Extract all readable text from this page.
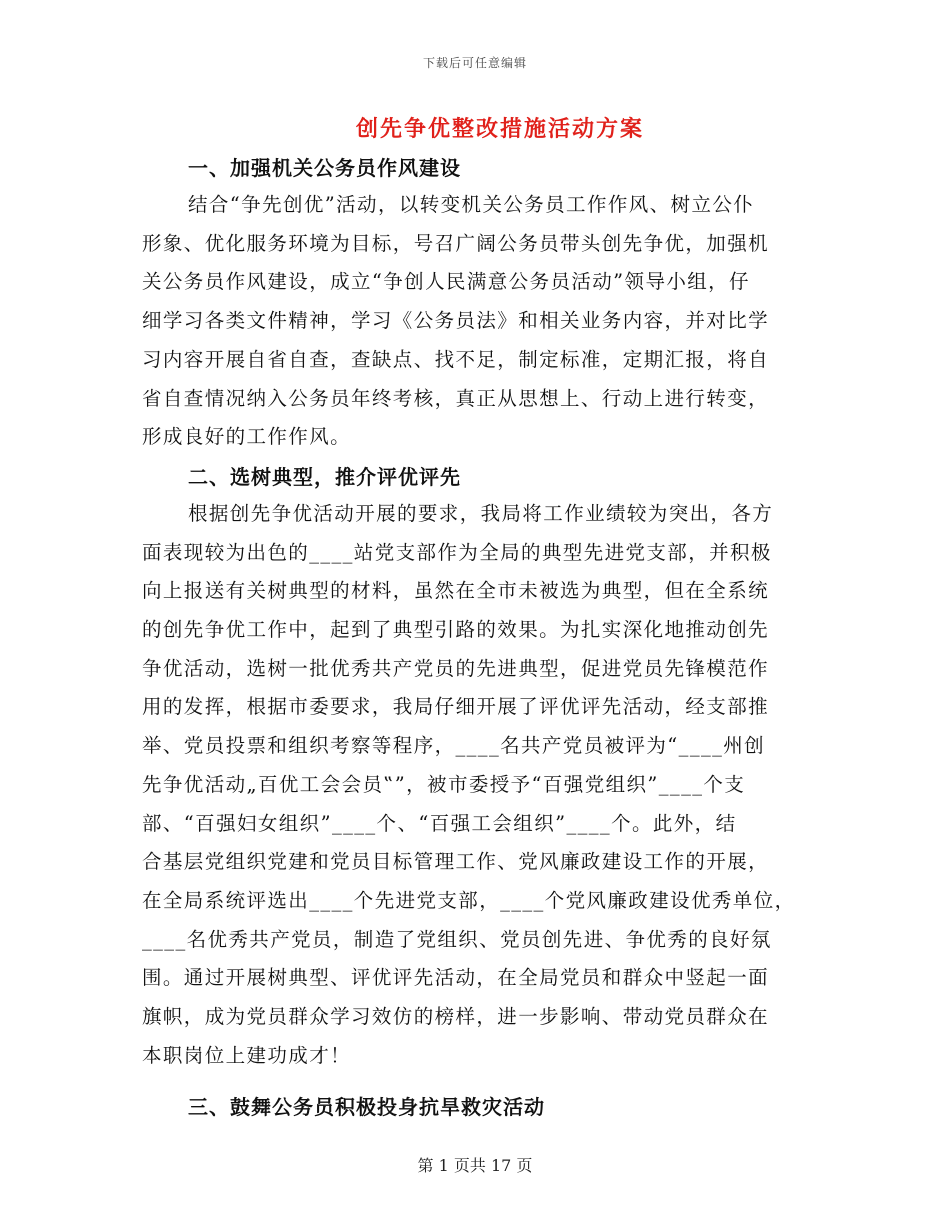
下载后可任意编辑
创先争优整改措施活动方案
一、加强机关公务员作风建设
结合“争先创优”活动，以转变机关公务员工作作风、树立公仆
形象、优化服务环境为目标，号召广阔公务员带头创先争优，加强机
关公务员作风建设，成立“争创人民满意公务员活动”领导小组，仔
细学习各类文件精神，学习《公务员法》和相关业务内容，并对比学
习内容开展自省自查，查缺点、找不足，制定标准，定期汇报，将自
省自查情况纳入公务员年终考核，真正从思想上、行动上进行转变，
形成良好的工作作风。
二、选树典型，推介评优评先
根据创先争优活动开展的要求，我局将工作业绩较为突出，各方
面表现较为出色的____站党支部作为全局的典型先进党支部，并积极
向上报送有关树典型的材料，虽然在全市未被选为典型，但在全系统
的创先争优工作中，起到了典型引路的效果。为扎实深化地推动创先
争优活动，选树一批优秀共产党员的先进典型，促进党员先锋模范作
用的发挥，根据市委要求，我局仔细开展了评优评先活动，经支部推
举、党员投票和组织考察等程序，____名共产党员被评为“____州创
先争优活动„百优工会会员‟”，被市委授予“百强党组织”____个支
部、“百强妇女组织”____个、“百强工会组织”____个。此外，结
合基层党组织党建和党员目标管理工作、党风廉政建设工作的开展，
在全局系统评选出____个先进党支部，____个党风廉政建设优秀单位，
____名优秀共产党员，制造了党组织、党员创先进、争优秀的良好氛
围。通过开展树典型、评优评先活动，在全局党员和群众中竖起一面
旗帜，成为党员群众学习效仿的榜样，进一步影响、带动党员群众在
本职岗位上建功成才！
三、鼓舞公务员积极投身抗旱救灾活动
第 1 页共 17 页
